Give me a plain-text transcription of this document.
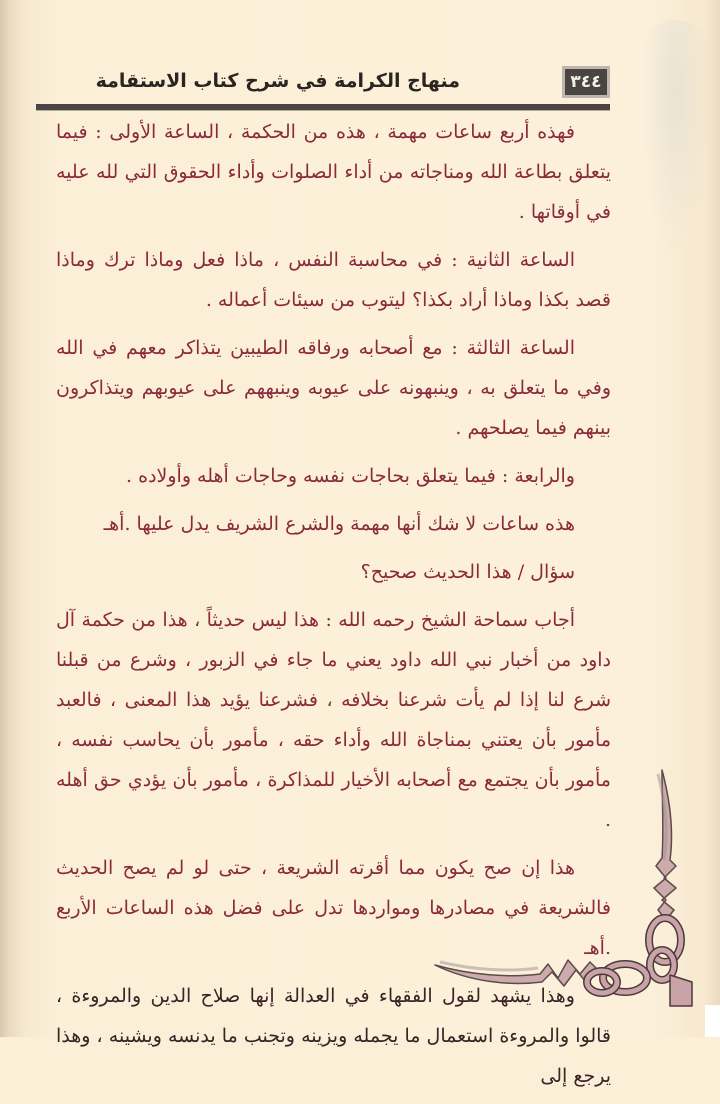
منهاج الكرامة في شرح كتاب الاستقامة	٣٤٤

فهذه أربع ساعات مهمة ، هذه من الحكمة ، الساعة الأولى : فيما يتعلق بطاعة الله ومناجاته من أداء الصلوات وأداء الحقوق التي لله عليه في أوقاتها .

الساعة الثانية : في محاسبة النفس ، ماذا فعل وماذا ترك وماذا قصد بكذا وماذا أراد بكذا؟ ليتوب من سيئات أعماله .

الساعة الثالثة : مع أصحابه ورفاقه الطيبين يتذاكر معهم في الله وفي ما يتعلق به ، وينبهونه على عيوبه وينبههم على عيوبهم ويتذاكرون بينهم فيما يصلحهم .

والرابعة : فيما يتعلق بحاجات نفسه وحاجات أهله وأولاده .

هذه ساعات لا شك أنها مهمة والشرع الشريف يدل عليها .أهـ

سؤال / هذا الحديث صحيح؟

أجاب سماحة الشيخ رحمه الله : هذا ليس حديثاً ، هذا من حكمة آل داود من أخبار نبي الله داود يعني ما جاء في الزبور ، وشرع من قبلنا شرع لنا إذا لم يأت شرعنا بخلافه ، فشرعنا يؤيد هذا المعنى ، فالعبد مأمور بأن يعتني بمناجاة الله وأداء حقه ، مأمور بأن يحاسب نفسه ، مأمور بأن يجتمع مع أصحابه الأخيار للمذاكرة ، مأمور بأن يؤدي حق أهله .

هذا إن صح يكون مما أقرته الشريعة ، حتى لو لم يصح الحديث فالشريعة في مصادرها ومواردها تدل على فضل هذه الساعات الأربع .أهـ

وهذا يشهد لقول الفقهاء في العدالة إنها صلاح الدين والمروءة ، قالوا والمروءة استعمال ما يجمله ويزينه وتجنب ما يدنسه ويشينه ، وهذا يرجع إلى
